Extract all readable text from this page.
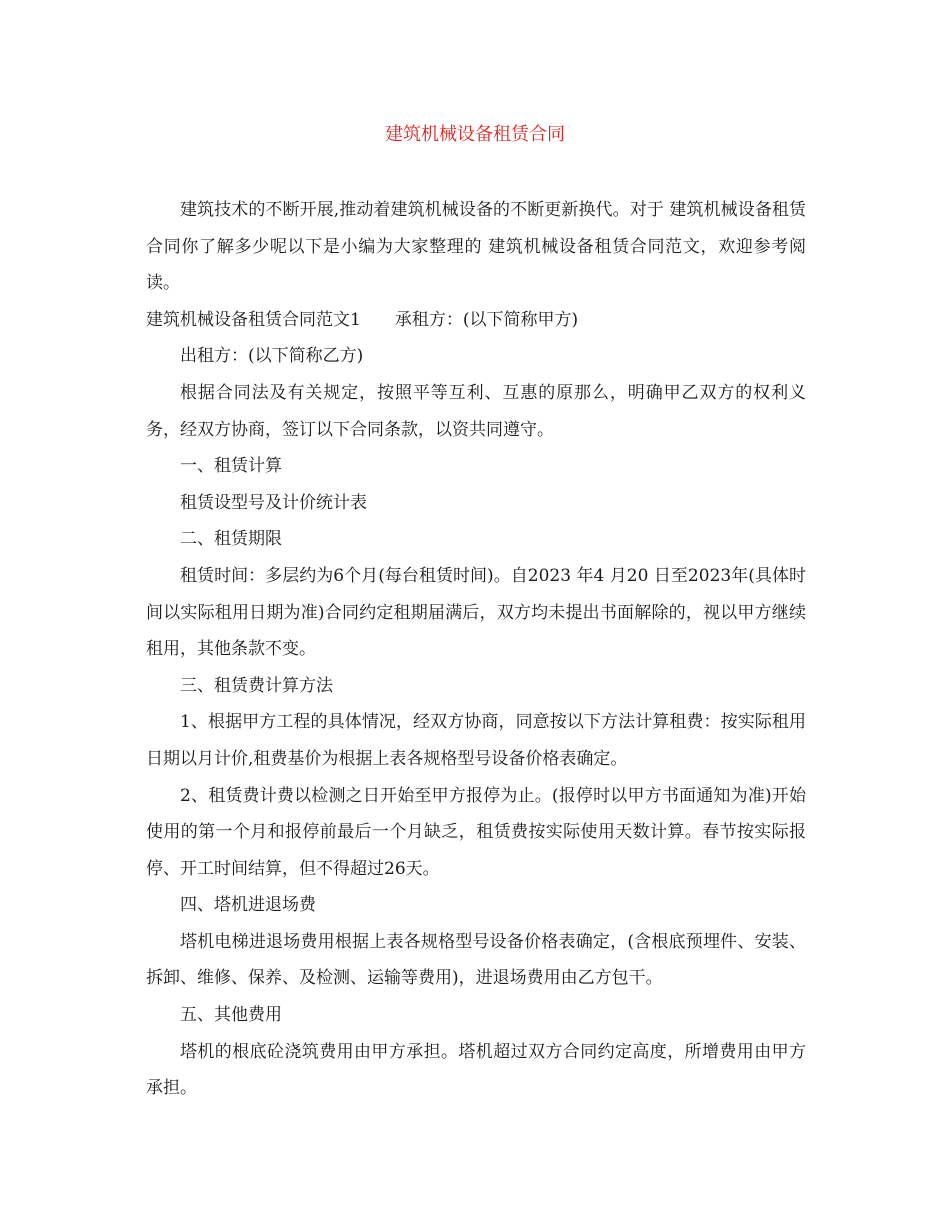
建筑机械设备租赁合同

建筑技术的不断开展,推动着建筑机械设备的不断更新换代。对于 建筑机械设备租赁合同你了解多少呢以下是小编为大家整理的 建筑机械设备租赁合同范文，欢迎参考阅读。

建筑机械设备租赁合同范文1 承租方：(以下简称甲方)

出租方：(以下简称乙方)

根据合同法及有关规定，按照平等互利、互惠的原那么，明确甲乙双方的权利义务，经双方协商，签订以下合同条款，以资共同遵守。

一、租赁计算

租赁设型号及计价统计表

二、租赁期限

租赁时间：多层约为6个月(每台租赁时间)。自2023 年4 月20 日至2023年(具体时间以实际租用日期为准)合同约定租期届满后，双方均未提出书面解除的，视以甲方继续租用，其他条款不变。

三、租赁费计算方法

1、根据甲方工程的具体情况，经双方协商，同意按以下方法计算租费：按实际租用日期以月计价,租费基价为根据上表各规格型号设备价格表确定。

2、租赁费计费以检测之日开始至甲方报停为止。(报停时以甲方书面通知为准)开始使用的第一个月和报停前最后一个月缺乏，租赁费按实际使用天数计算。春节按实际报停、开工时间结算，但不得超过26天。

四、塔机进退场费

塔机电梯进退场费用根据上表各规格型号设备价格表确定，(含根底预埋件、安装、拆卸、维修、保养、及检测、运输等费用)，进退场费用由乙方包干。

五、其他费用

塔机的根底砼浇筑费用由甲方承担。塔机超过双方合同约定高度，所增费用由甲方承担。
